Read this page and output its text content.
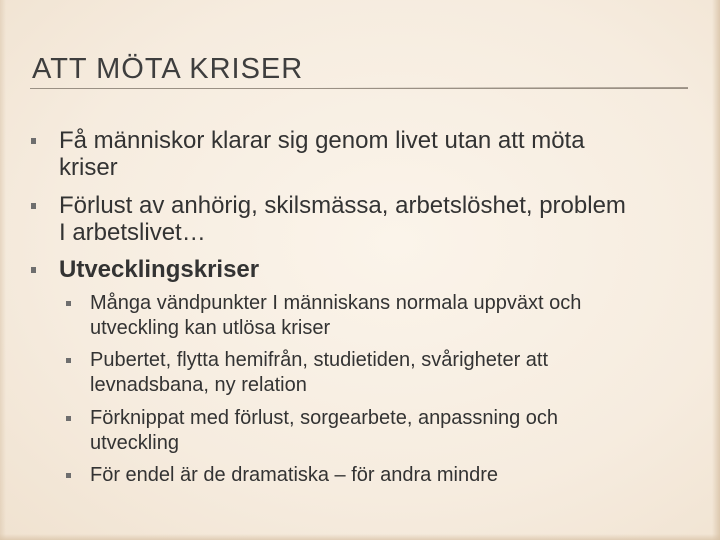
ATT MÖTA KRISER
Få människor klarar sig genom livet utan att möta
kriser
Förlust av anhörig, skilsmässa, arbetslöshet, problem
I arbetslivet…
Utvecklingskriser
Många vändpunkter I människans normala uppväxt och
utveckling kan utlösa kriser
Pubertet, flytta hemifrån, studietiden, svårigheter att
levnadsbana, ny relation
Förknippat med förlust, sorgearbete, anpassning och
utveckling
För endel är de dramatiska – för andra mindre
